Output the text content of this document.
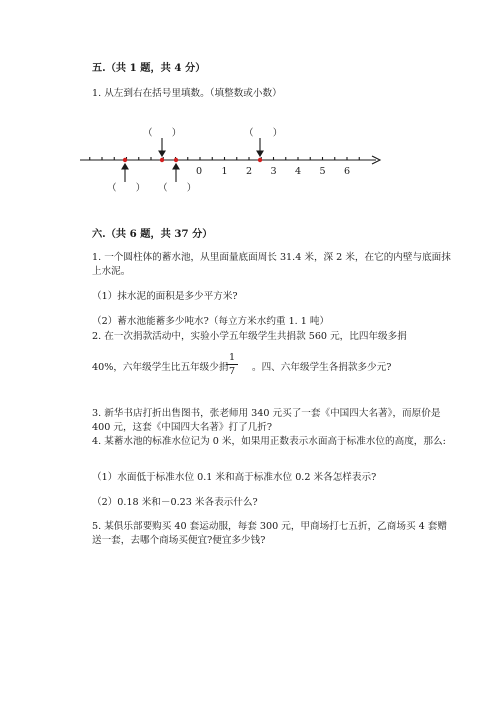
五.（共 1 题，共 4 分）
1. 从左到右在括号里填数。（填整数或小数）
（　　）	（　　）
（　　） （　　）
0 1 2 3 4 5 6
六.（共 6 题，共 37 分）
1. 一个圆柱体的蓄水池，从里面量底面周长 31.4 米，深 2 米，在它的内壁与底面抹上水泥。
（1）抹水泥的面积是多少平方米?
（2）蓄水池能蓄多少吨水?（每立方米水约重 1. 1 吨）
2. 在一次捐款活动中，实验小学五年级学生共捐款 560 元，比四年级多捐
40%，六年级学生比五年级少捐
1
7	。四、六年级学生各捐款多少元?
3. 新华书店打折出售图书，张老师用 340 元买了一套《中国四大名著》，而原价是 400 元，这套《中国四大名著》打了几折?
4. 某蓄水池的标准水位记为 0 米，如果用正数表示水面高于标准水位的高度，那么:
（1）水面低于标准水位 0.1 米和高于标准水位 0.2 米各怎样表示?
（2）0.18 米和－0.23 米各表示什么?
5. 某俱乐部要购买 40 套运动服，每套 300 元，甲商场打七五折，乙商场买 4 套赠送一套，去哪个商场买便宜?便宜多少钱?
